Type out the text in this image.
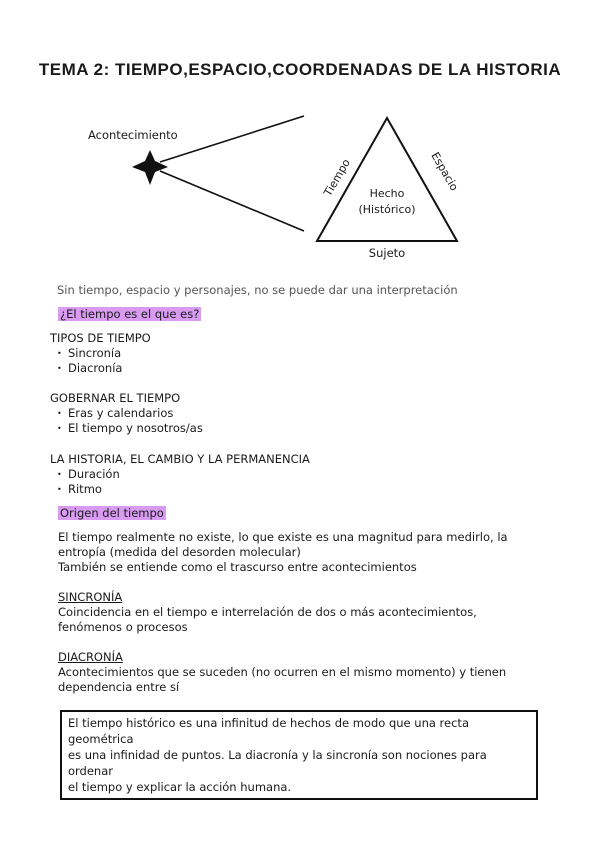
TEMA 2: TIEMPO,ESPACIO,COORDENADAS DE LA HISTORIA
Acontecimiento
Tiempo	Espacio
Hecho
(Histórico)
Sujeto
Sin tiempo, espacio y personajes, no se puede dar una interpretación
¿El tiempo es el que es?
TIPOS DE TIEMPO
• Sincronía
• Diacronía
GOBERNAR EL TIEMPO
• Eras y calendarios
• El tiempo y nosotros/as
LA HISTORIA, EL CAMBIO Y LA PERMANENCIA
• Duración
• Ritmo
Origen del tiempo
El tiempo realmente no existe, lo que existe es una magnitud para medirlo, la
entropía (medida del desorden molecular)
También se entiende como el trascurso entre acontecimientos
SINCRONÍA
Coincidencia en el tiempo e interrelación de dos o más acontecimientos,
fenómenos o procesos
DIACRONÍA
Acontecimientos que se suceden (no ocurren en el mismo momento) y tienen
dependencia entre sí
El tiempo histórico es una infinitud de hechos de modo que una recta geométrica
es una infinidad de puntos. La diacronía y la sincronía son nociones para ordenar
el tiempo y explicar la acción humana.
